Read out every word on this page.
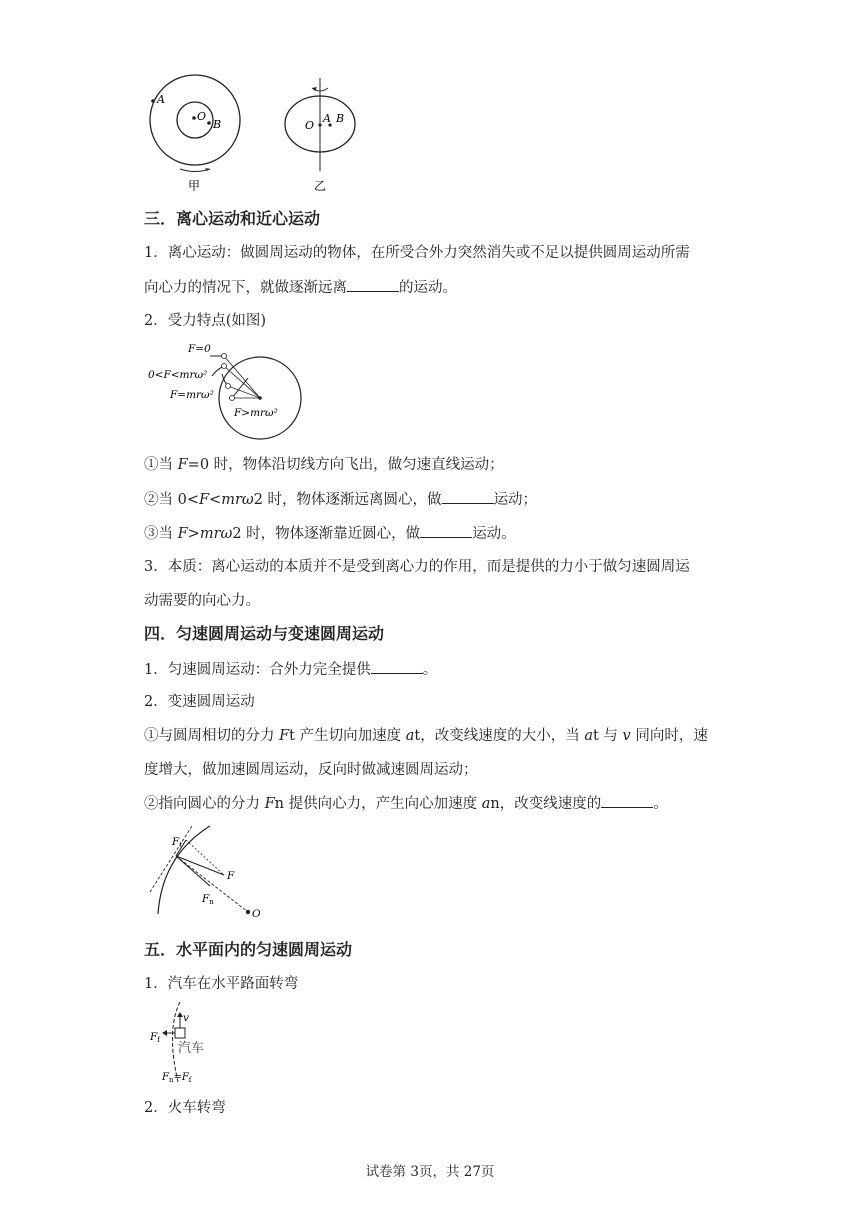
A
O
B
甲
O
A B
乙
三．离心运动和近心运动
1．离心运动：做圆周运动的物体，在所受合外力突然消失或不足以提供圆周运动所需
向心力的情况下，就做逐渐远离	的运动。
2．受力特点(如图)
F=0
0<F<mrω²
F=mrω²
F>mrω²
①当 F=0 时，物体沿切线方向飞出，做匀速直线运动；
②当 0<F<mrω2 时，物体逐渐远离圆心，做	运动；
③当 F>mrω2 时，物体逐渐靠近圆心，做	运动。
3．本质：离心运动的本质并不是受到离心力的作用，而是提供的力小于做匀速圆周运
动需要的向心力。
四．匀速圆周运动与变速圆周运动
1．匀速圆周运动：合外力完全提供	。
2．变速圆周运动
①与圆周相切的分力 Ft 产生切向加速度 at，改变线速度的大小，当 at 与 v 同向时，速
度增大，做加速圆周运动，反向时做减速圆周运动；
②指向圆心的分力 Fn 提供向心力，产生向心加速度 an，改变线速度的	。
Ft
F
Fn
O
五．水平面内的匀速圆周运动
1．汽车在水平路面转弯
v
Ff
汽车
$F_n=F_f$
2．火车转弯
试卷第 3页，共 27页
